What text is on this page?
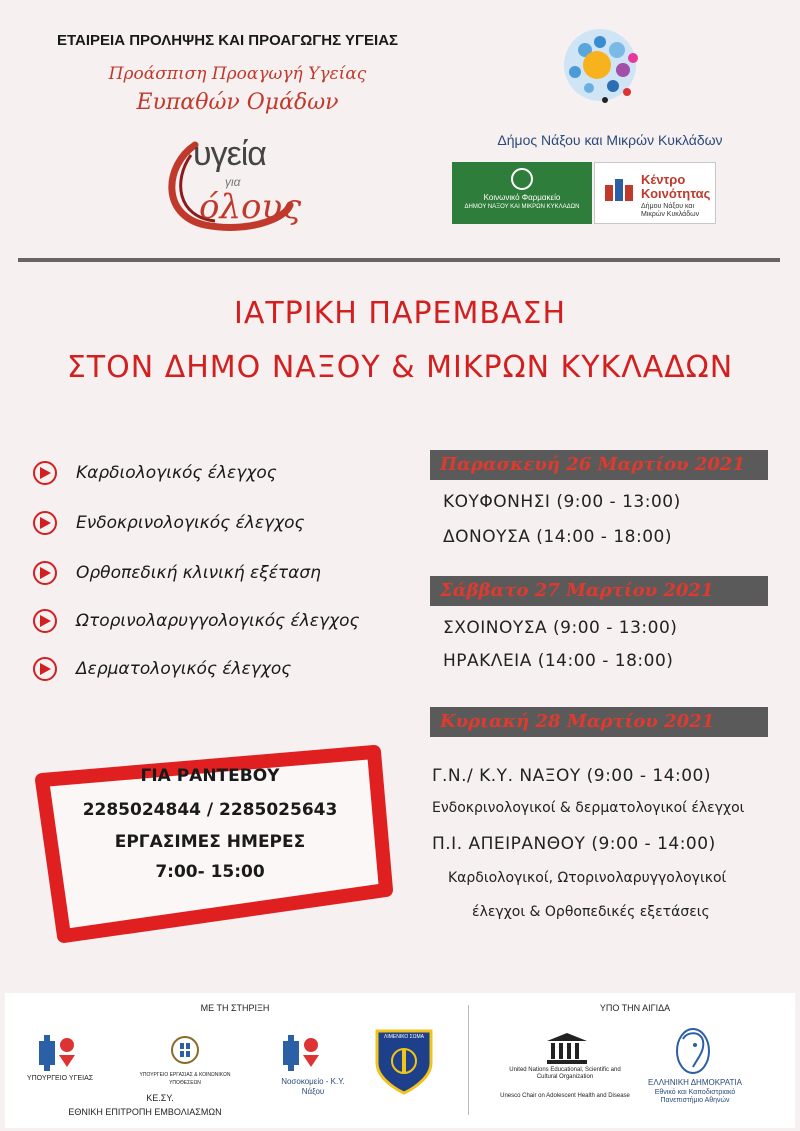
ΕΤΑΙΡΕΙΑ ΠΡΟΛΗΨΗΣ ΚΑΙ ΠΡΟΑΓΩΓΗΣ ΥΓΕΙΑΣ
Προάσπιση Προαγωγή Υγείας
Ευπαθών Ομάδων
υγεία
για
όλους
Δήμος Νάξου και Μικρών Κυκλάδων
Κοινωνικό Φαρμακείο
ΔΗΜΟΥ ΝΑΞΟΥ ΚΑΙ ΜΙΚΡΩΝ ΚΥΚΛΑΔΩΝ
Κέντρο Κοινότητας
Δήμου Νάξου και Μικρών Κυκλάδων
ΙΑΤΡΙΚΗ ΠΑΡΕΜΒΑΣΗ
ΣΤΟΝ ΔΗΜΟ ΝΑΞΟΥ & ΜΙΚΡΩΝ ΚΥΚΛΑΔΩΝ
Καρδιολογικός έλεγχος
Ενδοκρινολογικός έλεγχος
Ορθοπεδική κλινική εξέταση
Ωτορινολαρυγγολογικός έλεγχος
Δερματολογικός έλεγχος
Παρασκευή 26 Μαρτίου 2021
ΚΟΥΦΟΝΗΣΙ (9:00 - 13:00)
ΔΟΝΟΥΣΑ (14:00 - 18:00)
Σάββατο 27 Μαρτίου 2021
ΣΧΟΙΝΟΥΣΑ (9:00 - 13:00)
ΗΡΑΚΛΕΙΑ (14:00 - 18:00)
Κυριακή 28 Μαρτίου 2021
Γ.Ν./ Κ.Υ. ΝΑΞΟΥ (9:00 - 14:00)
Ενδοκρινολογικοί & δερματολογικοί έλεγχοι
Π.Ι. ΑΠΕΙΡΑΝΘΟΥ (9:00 - 14:00)
Καρδιολογικοί, Ωτορινολαρυγγολογικοί
έλεγχοι & Ορθοπεδικές εξετάσεις
ΓΙΑ ΡΑΝΤΕΒΟΥ
2285024844 / 2285025643
ΕΡΓΑΣΙΜΕΣ ΗΜΕΡΕΣ
7:00- 15:00
ΜΕ ΤΗ ΣΤΗΡΙΞΗ	ΥΠΟ ΤΗΝ ΑΙΓΙΔΑ
ΥΠΟΥΡΓΕΙΟ ΥΓΕΙΑΣ	ΥΠΟΥΡΓΕΙΟ ΕΡΓΑΣΙΑΣ & ΚΟΙΝΩΝΙΚΩΝ ΥΠΟΘΕΣΕΩΝ
ΚΕ.ΣΥ.
ΕΘΝΙΚΗ ΕΠΙΤΡΟΠΗ ΕΜΒΟΛΙΑΣΜΩΝ
Νοσοκομείο - Κ.Υ. Νάξου
ΛΙΜΕΝΙΚΟ ΣΩΜΑ
United Nations Educational, Scientific and Cultural Organization
Unesco Chair on Adolescent Health and Disease
ΕΛΛΗΝΙΚΗ ΔΗΜΟΚΡΑΤΙΑ
Εθνικό και Καποδιστριακό Πανεπιστήμιο Αθηνών
